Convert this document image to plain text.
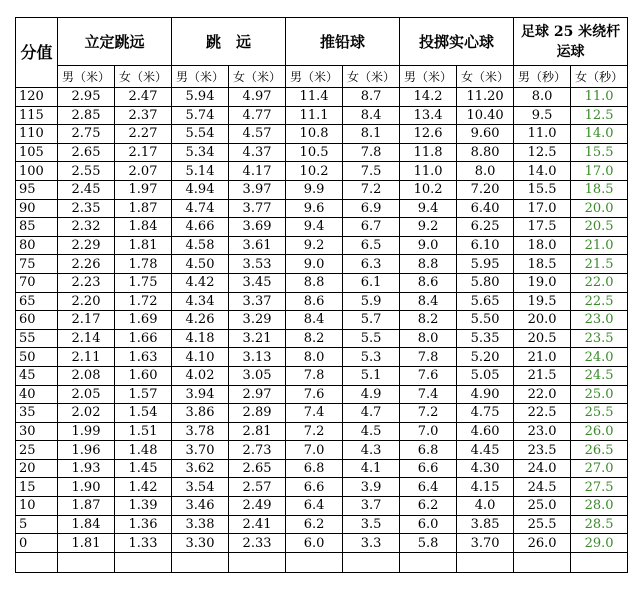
分值	立定跳远		跳　远		推铅球		投掷实心球		足球 25 米绕杆运球	
	男（米）	女（米）	男（米）	女（米）	男（米）	女（米）	男（米）	女（米）	男（秒）	女（秒）
120	2.95	2.47	5.94	4.97	11.4	8.7	14.2	11.20	8.0	11.0
115	2.85	2.37	5.74	4.77	11.1	8.4	13.4	10.40	9.5	12.5
110	2.75	2.27	5.54	4.57	10.8	8.1	12.6	9.60	11.0	14.0
105	2.65	2.17	5.34	4.37	10.5	7.8	11.8	8.80	12.5	15.5
100	2.55	2.07	5.14	4.17	10.2	7.5	11.0	8.0	14.0	17.0
95	2.45	1.97	4.94	3.97	9.9	7.2	10.2	7.20	15.5	18.5
90	2.35	1.87	4.74	3.77	9.6	6.9	9.4	6.40	17.0	20.0
85	2.32	1.84	4.66	3.69	9.4	6.7	9.2	6.25	17.5	20.5
80	2.29	1.81	4.58	3.61	9.2	6.5	9.0	6.10	18.0	21.0
75	2.26	1.78	4.50	3.53	9.0	6.3	8.8	5.95	18.5	21.5
70	2.23	1.75	4.42	3.45	8.8	6.1	8.6	5.80	19.0	22.0
65	2.20	1.72	4.34	3.37	8.6	5.9	8.4	5.65	19.5	22.5
60	2.17	1.69	4.26	3.29	8.4	5.7	8.2	5.50	20.0	23.0
55	2.14	1.66	4.18	3.21	8.2	5.5	8.0	5.35	20.5	23.5
50	2.11	1.63	4.10	3.13	8.0	5.3	7.8	5.20	21.0	24.0
45	2.08	1.60	4.02	3.05	7.8	5.1	7.6	5.05	21.5	24.5
40	2.05	1.57	3.94	2.97	7.6	4.9	7.4	4.90	22.0	25.0
35	2.02	1.54	3.86	2.89	7.4	4.7	7.2	4.75	22.5	25.5
30	1.99	1.51	3.78	2.81	7.2	4.5	7.0	4.60	23.0	26.0
25	1.96	1.48	3.70	2.73	7.0	4.3	6.8	4.45	23.5	26.5
20	1.93	1.45	3.62	2.65	6.8	4.1	6.6	4.30	24.0	27.0
15	1.90	1.42	3.54	2.57	6.6	3.9	6.4	4.15	24.5	27.5
10	1.87	1.39	3.46	2.49	6.4	3.7	6.2	4.0	25.0	28.0
5	1.84	1.36	3.38	2.41	6.2	3.5	6.0	3.85	25.5	28.5
0	1.81	1.33	3.30	2.33	6.0	3.3	5.8	3.70	26.0	29.0
